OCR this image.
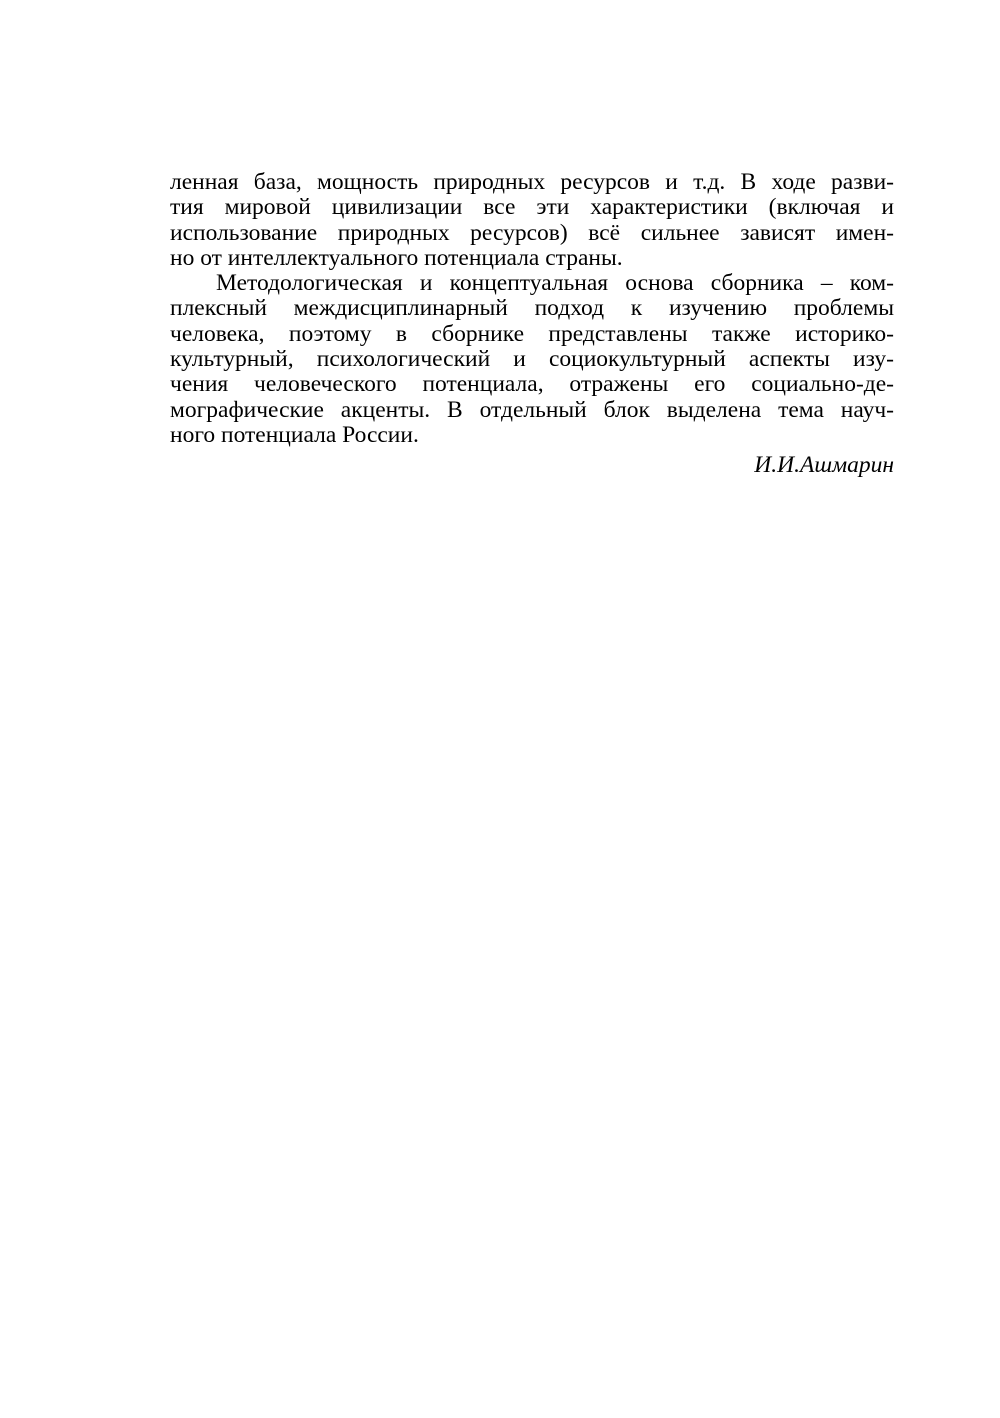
ленная база, мощность природных ресурсов и т.д. В ходе разви-
тия мировой цивилизации все эти характеристики (включая и
использование природных ресурсов) всё сильнее зависят имен-
но от интеллектуального потенциала страны.
Методологическая и концептуальная основа сборника – ком-
плексный междисциплинарный подход к изучению проблемы
человека, поэтому в сборнике представлены также историко-
культурный, психологический и социокультурный аспекты изу-
чения человеческого потенциала, отражены его социально-де-
мографические акценты. В отдельный блок выделена тема науч-
ного потенциала России.
И.И.Ашмарин
